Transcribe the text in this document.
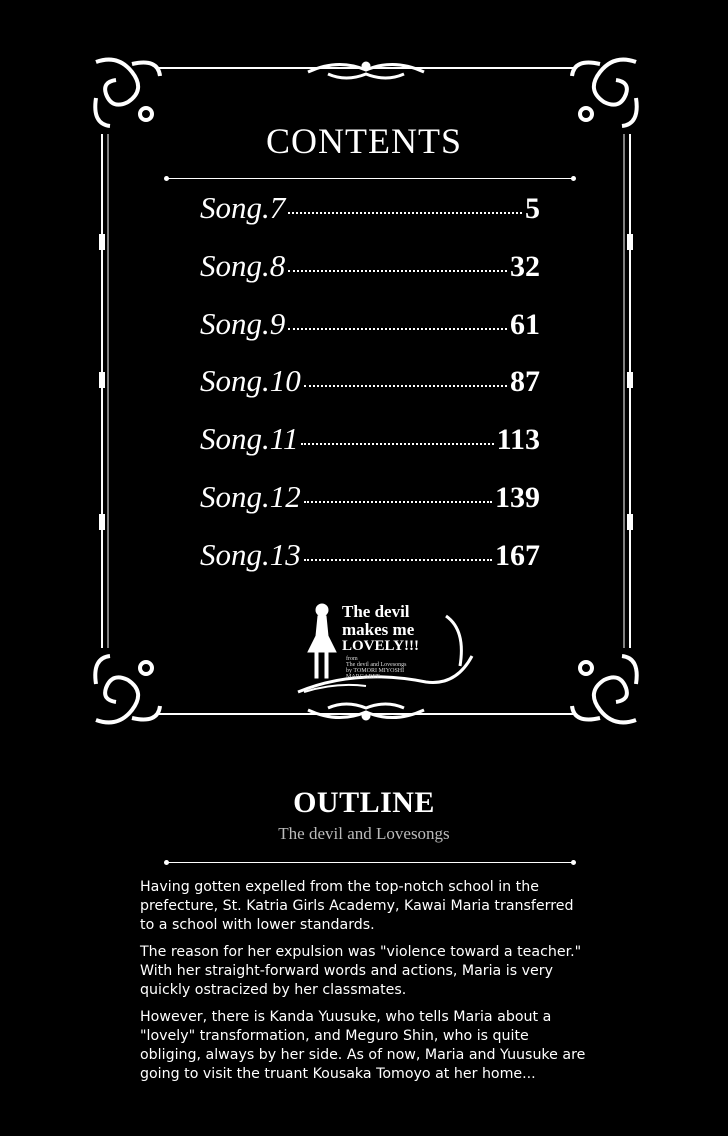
CONTENTS
Song.7	5
Song.8	32
Song.9	61
Song.10	87
Song.11	113
Song.12	139
Song.13	167
The devil
makes me
LOVELY!!!
from
The devil and Lovesongs
by TOMORI MIYOSHI
MARGARET
OUTLINE
The devil and Lovesongs

Having gotten expelled from the top-notch school in the prefecture, St. Katria Girls Academy, Kawai Maria transferred to a school with lower standards.

The reason for her expulsion was "violence toward a teacher." With her straight-forward words and actions, Maria is very quickly ostracized by her classmates.

However, there is Kanda Yuusuke, who tells Maria about a "lovely" transformation, and Meguro Shin, who is quite obliging, always by her side. As of now, Maria and Yuusuke are going to visit the truant Kousaka Tomoyo at her home...
